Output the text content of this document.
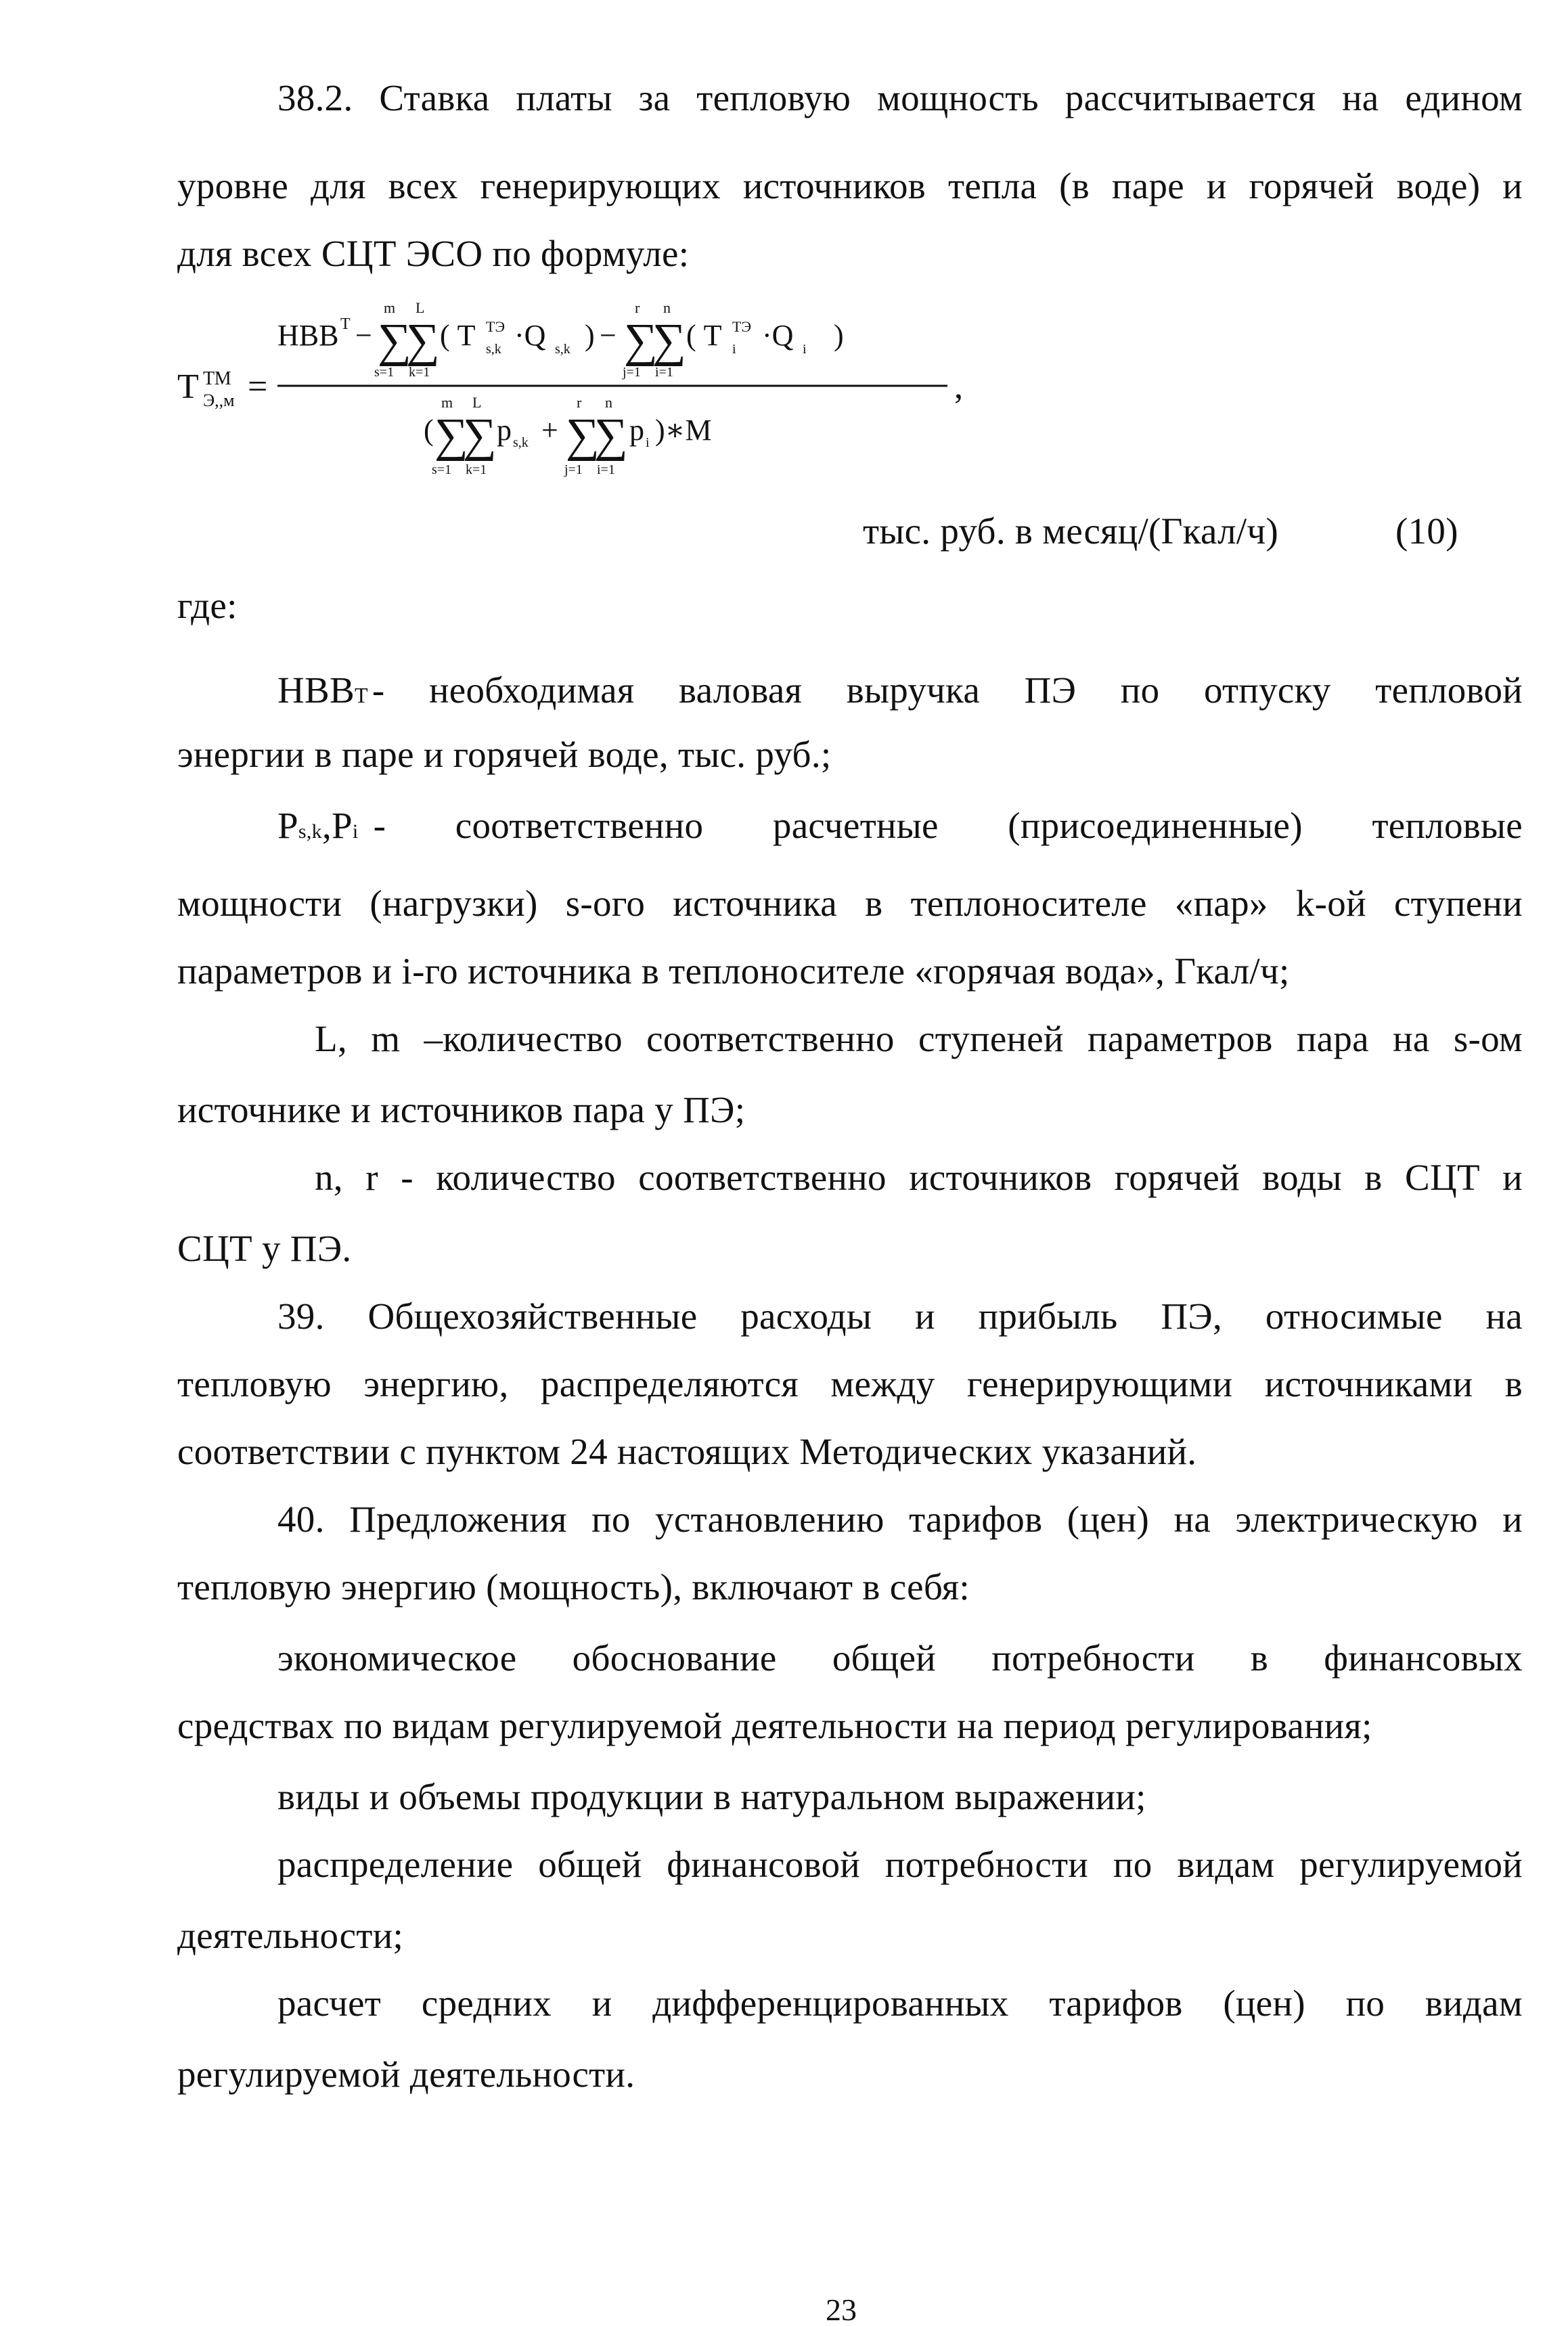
38.2. Ставка платы за тепловую мощность рассчитывается на едином
уровне для всех генерирующих источников тепла (в паре и горячей воде) и
для всех СЦТ ЭСО по формуле:
Т ТМ
Э,,м =	,
НВВ Т − ∑
∑
m L
s=1 k=1
( Т ТЭ
s,k ·Q s,k ) − ∑
∑
r n
j=1 i=1
( Т ТЭ
i ·Q i )
( ∑
∑
m L
s=1 k=1
p s,k + ∑
∑
r n
j=1 i=1
p i )∗М
тыс. руб. в месяц/(Гкал/ч)	(10)
где:
НВВ Т - необходимая валовая выручка ПЭ по отпуску тепловой
энергии в паре и горячей воде, тыс. руб.;
Р s,k ,Р i - соответственно расчетные (присоединенные) тепловые
мощности (нагрузки) s-ого источника в теплоносителе «пар» k-ой ступени
параметров и i-го источника в теплоносителе «горячая вода», Гкал/ч;
L, m –количество соответственно ступеней параметров пара на s-ом
источнике и источников пара у ПЭ;
n, r - количество соответственно источников горячей воды в СЦТ и
СЦТ у ПЭ.
39. Общехозяйственные расходы и прибыль ПЭ, относимые на
тепловую энергию, распределяются между генерирующими источниками в
соответствии с пунктом 24 настоящих Методических указаний.
40. Предложения по установлению тарифов (цен) на электрическую и
тепловую энергию (мощность), включают в себя:
экономическое обоснование общей потребности в финансовых
средствах по видам регулируемой деятельности на период регулирования;
виды и объемы продукции в натуральном выражении;
распределение общей финансовой потребности по видам регулируемой
деятельности;
расчет средних и дифференцированных тарифов (цен) по видам
регулируемой деятельности.
23
